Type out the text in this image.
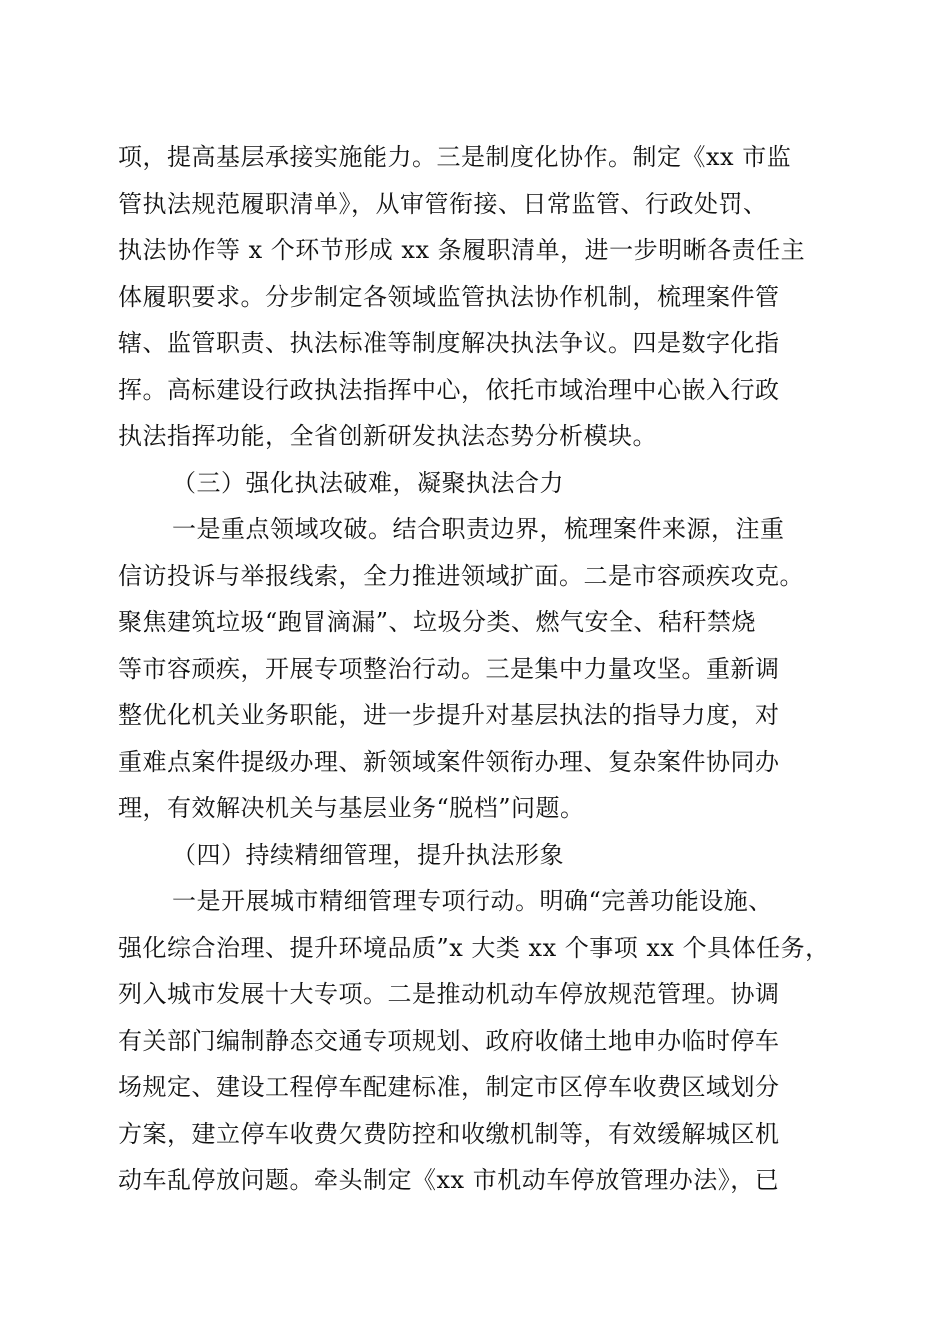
项，提高基层承接实施能力。三是制度化协作。制定《xx 市监
管执法规范履职清单》，从审管衔接、日常监管、行政处罚、
执法协作等 x 个环节形成 xx 条履职清单，进一步明晰各责任主
体履职要求。分步制定各领域监管执法协作机制，梳理案件管
辖、监管职责、执法标准等制度解决执法争议。四是数字化指
挥。高标建设行政执法指挥中心，依托市域治理中心嵌入行政
执法指挥功能，全省创新研发执法态势分析模块。
（三）强化执法破难，凝聚执法合力
一是重点领域攻破。结合职责边界，梳理案件来源，注重
信访投诉与举报线索，全力推进领域扩面。二是市容顽疾攻克。
聚焦建筑垃圾“跑冒滴漏”、垃圾分类、燃气安全、秸秆禁烧
等市容顽疾，开展专项整治行动。三是集中力量攻坚。重新调
整优化机关业务职能，进一步提升对基层执法的指导力度，对
重难点案件提级办理、新领域案件领衔办理、复杂案件协同办
理，有效解决机关与基层业务“脱档”问题。
（四）持续精细管理，提升执法形象
一是开展城市精细管理专项行动。明确“完善功能设施、
强化综合治理、提升环境品质”x 大类 xx 个事项 xx 个具体任务，
列入城市发展十大专项。二是推动机动车停放规范管理。协调
有关部门编制静态交通专项规划、政府收储土地申办临时停车
场规定、建设工程停车配建标准，制定市区停车收费区域划分
方案，建立停车收费欠费防控和收缴机制等，有效缓解城区机
动车乱停放问题。牵头制定《xx 市机动车停放管理办法》，已
